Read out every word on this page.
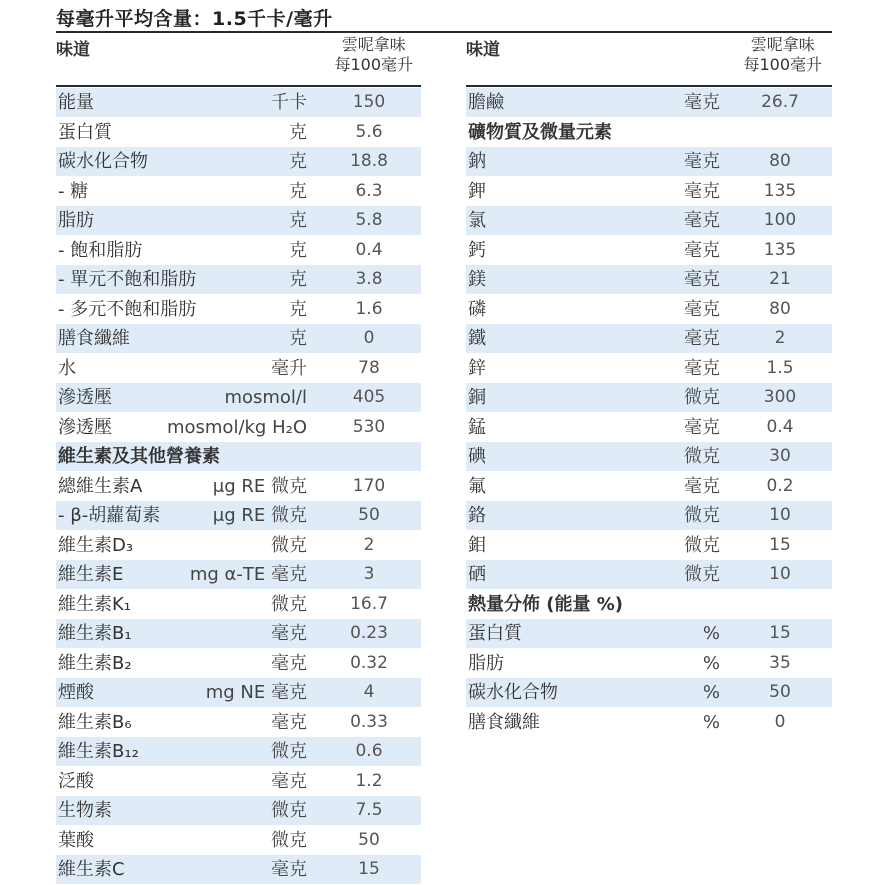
每毫升平均含量：1.5千卡/毫升
味道	雲呢拿味
每100毫升
能量	千卡	150
蛋白質	克	5.6
碳水化合物	克	18.8
- 糖	克	6.3
脂肪	克	5.8
- 飽和脂肪	克	0.4
- 單元不飽和脂肪	克	3.8
- 多元不飽和脂肪	克	1.6
膳食纖維	克	0
水	毫升	78
滲透壓	mosmol/l	405
滲透壓	mosmol/kg H₂O	530
維生素及其他營養素
總維生素A	μg RE 微克	170
- β-胡蘿蔔素	μg RE 微克	50
維生素D₃	微克	2
維生素E	mg α-TE 毫克	3
維生素K₁	微克	16.7
維生素B₁	毫克	0.23
維生素B₂	毫克	0.32
煙酸	mg NE 毫克	4
維生素B₆	毫克	0.33
維生素B₁₂	微克	0.6
泛酸	毫克	1.2
生物素	微克	7.5
葉酸	微克	50
維生素C	毫克	15
味道	雲呢拿味
每100毫升
膽鹼	毫克	26.7
礦物質及微量元素
鈉	毫克	80
鉀	毫克	135
氯	毫克	100
鈣	毫克	135
鎂	毫克	21
磷	毫克	80
鐵	毫克	2
鋅	毫克	1.5
銅	微克	300
錳	毫克	0.4
碘	微克	30
氟	毫克	0.2
鉻	微克	10
鉬	微克	15
硒	微克	10
熱量分佈 (能量 %)
蛋白質	%	15
脂肪	%	35
碳水化合物	%	50
膳食纖維	%	0
